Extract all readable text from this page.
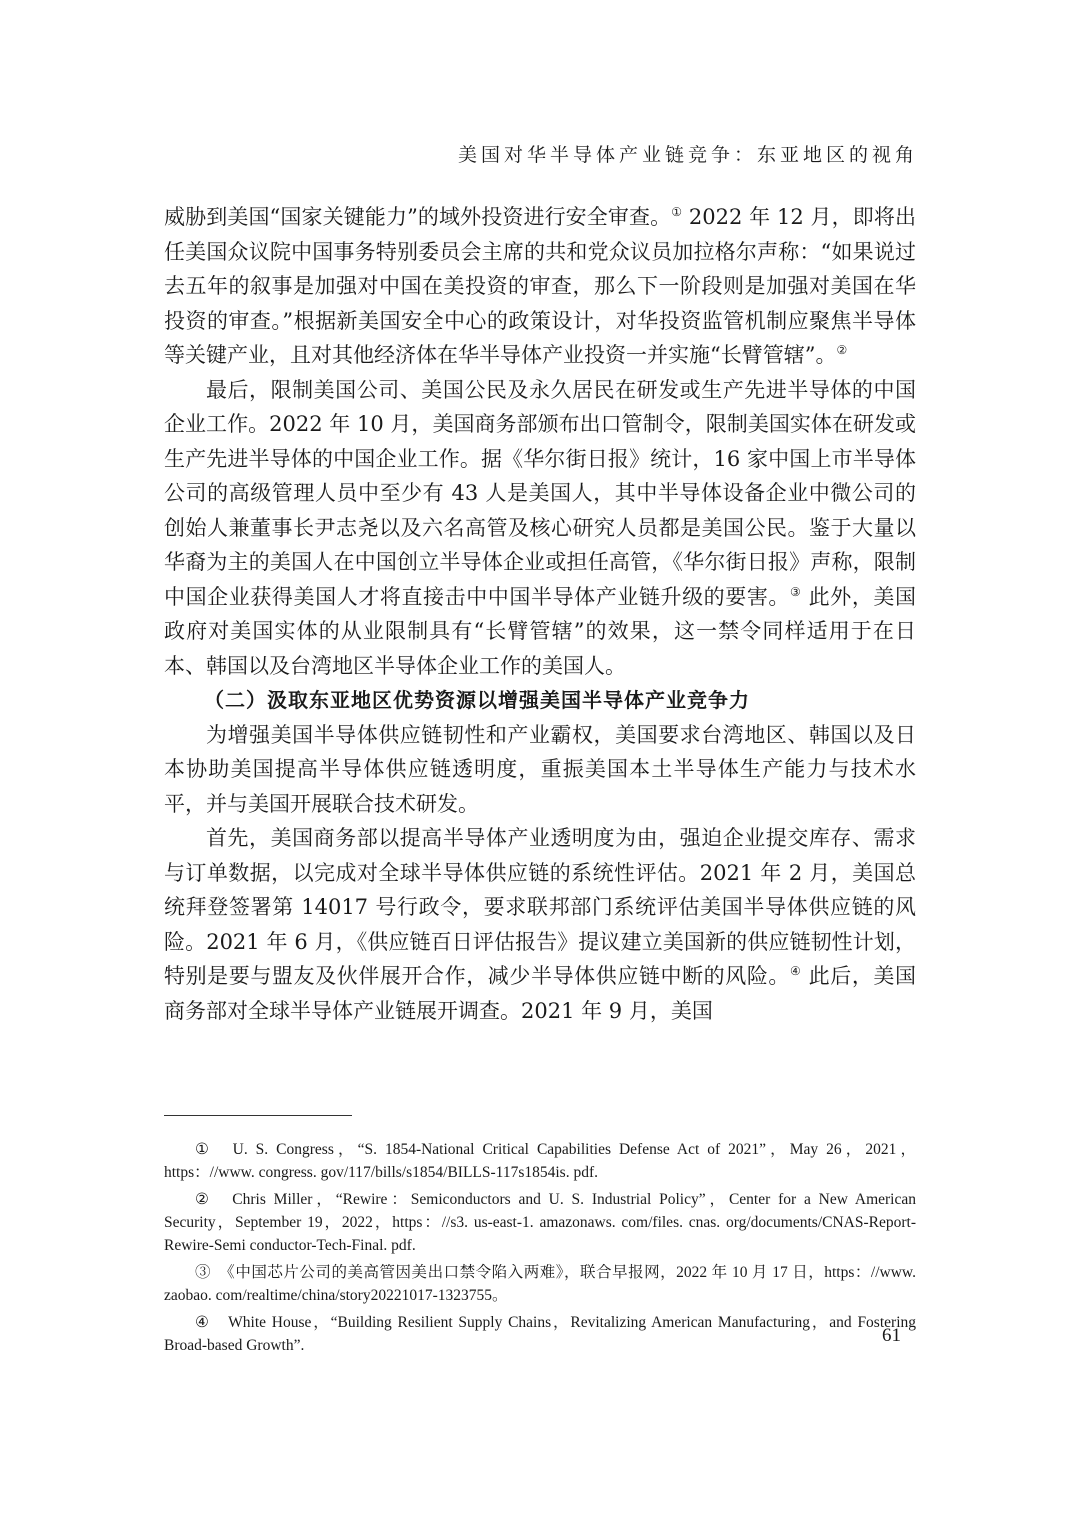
美国对华半导体产业链竞争：东亚地区的视角

威胁到美国“国家关键能力”的域外投资进行安全审查。① 2022 年 12 月，即将出任美国众议院中国事务特别委员会主席的共和党众议员加拉格尔声称：“如果说过去五年的叙事是加强对中国在美投资的审查，那么下一阶段则是加强对美国在华投资的审查。”根据新美国安全中心的政策设计，对华投资监管机制应聚焦半导体等关键产业，且对其他经济体在华半导体产业投资一并实施“长臂管辖”。②

最后，限制美国公司、美国公民及永久居民在研发或生产先进半导体的中国企业工作。2022 年 10 月，美国商务部颁布出口管制令，限制美国实体在研发或生产先进半导体的中国企业工作。据《华尔街日报》统计，16 家中国上市半导体公司的高级管理人员中至少有 43 人是美国人，其中半导体设备企业中微公司的创始人兼董事长尹志尧以及六名高管及核心研究人员都是美国公民。鉴于大量以华裔为主的美国人在中国创立半导体企业或担任高管，《华尔街日报》声称，限制中国企业获得美国人才将直接击中中国半导体产业链升级的要害。③ 此外，美国政府对美国实体的从业限制具有“长臂管辖”的效果，这一禁令同样适用于在日本、韩国以及台湾地区半导体企业工作的美国人。

（二）汲取东亚地区优势资源以增强美国半导体产业竞争力

为增强美国半导体供应链韧性和产业霸权，美国要求台湾地区、韩国以及日本协助美国提高半导体供应链透明度，重振美国本土半导体生产能力与技术水平，并与美国开展联合技术研发。

首先，美国商务部以提高半导体产业透明度为由，强迫企业提交库存、需求与订单数据，以完成对全球半导体供应链的系统性评估。2021 年 2 月，美国总统拜登签署第 14017 号行政令，要求联邦部门系统评估美国半导体供应链的风险。2021 年 6 月，《供应链百日评估报告》提议建立美国新的供应链韧性计划，特别是要与盟友及伙伴展开合作，减少半导体供应链中断的风险。④ 此后，美国商务部对全球半导体产业链展开调查。2021 年 9 月，美国

①　U. S. Congress，“S. 1854-National Critical Capabilities Defense Act of 2021”，May 26，2021，https：//www. congress. gov/117/bills/s1854/BILLS-117s1854is. pdf.

②　Chris Miller，“Rewire：Semiconductors and U. S. Industrial Policy”，Center for a New American Security，September 19，2022，https：//s3. us-east-1. amazonaws. com/files. cnas. org/documents/CNAS-Report-Rewire-Semi conductor-Tech-Final. pdf.

③　《中国芯片公司的美高管因美出口禁令陷入两难》，联合早报网，2022 年 10 月 17 日，https：//www. zaobao. com/realtime/china/story20221017-1323755。

④　White House，“Building Resilient Supply Chains，Revitalizing American Manufacturing，and Fostering Broad-based Growth”.	61
